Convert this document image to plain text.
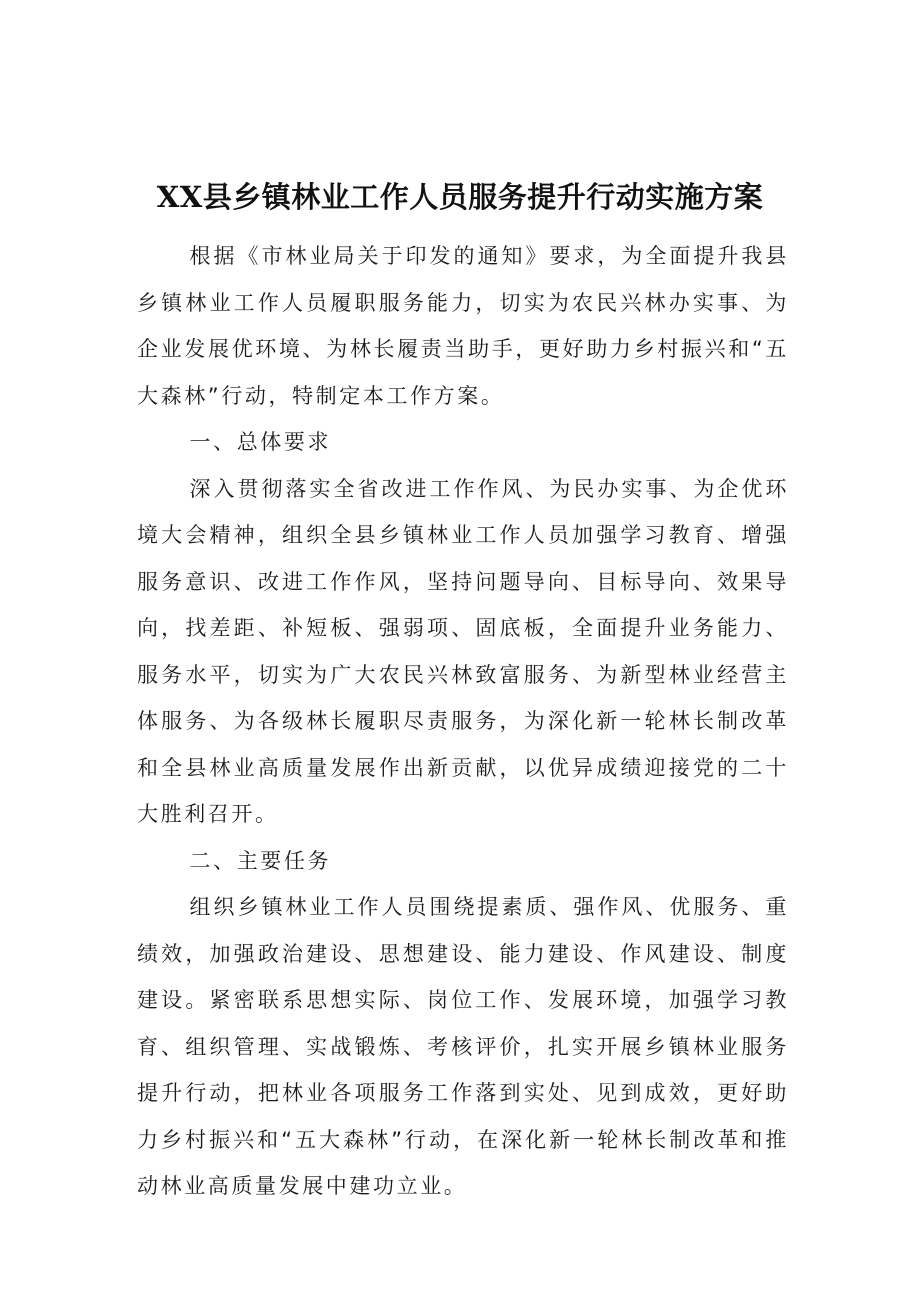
XX县乡镇林业工作人员服务提升行动实施方案

根据《市林业局关于印发的通知》要求，为全面提升我县乡镇林业工作人员履职服务能力，切实为农民兴林办实事、为企业发展优环境、为林长履责当助手，更好助力乡村振兴和“五大森林”行动，特制定本工作方案。

一、总体要求

深入贯彻落实全省改进工作作风、为民办实事、为企优环境大会精神，组织全县乡镇林业工作人员加强学习教育、增强服务意识、改进工作作风，坚持问题导向、目标导向、效果导向，找差距、补短板、强弱项、固底板，全面提升业务能力、服务水平，切实为广大农民兴林致富服务、为新型林业经营主体服务、为各级林长履职尽责服务，为深化新一轮林长制改革和全县林业高质量发展作出新贡献，以优异成绩迎接党的二十大胜利召开。

二、主要任务

组织乡镇林业工作人员围绕提素质、强作风、优服务、重绩效，加强政治建设、思想建设、能力建设、作风建设、制度建设。紧密联系思想实际、岗位工作、发展环境，加强学习教育、组织管理、实战锻炼、考核评价，扎实开展乡镇林业服务提升行动，把林业各项服务工作落到实处、见到成效，更好助力乡村振兴和“五大森林”行动，在深化新一轮林长制改革和推动林业高质量发展中建功立业。
